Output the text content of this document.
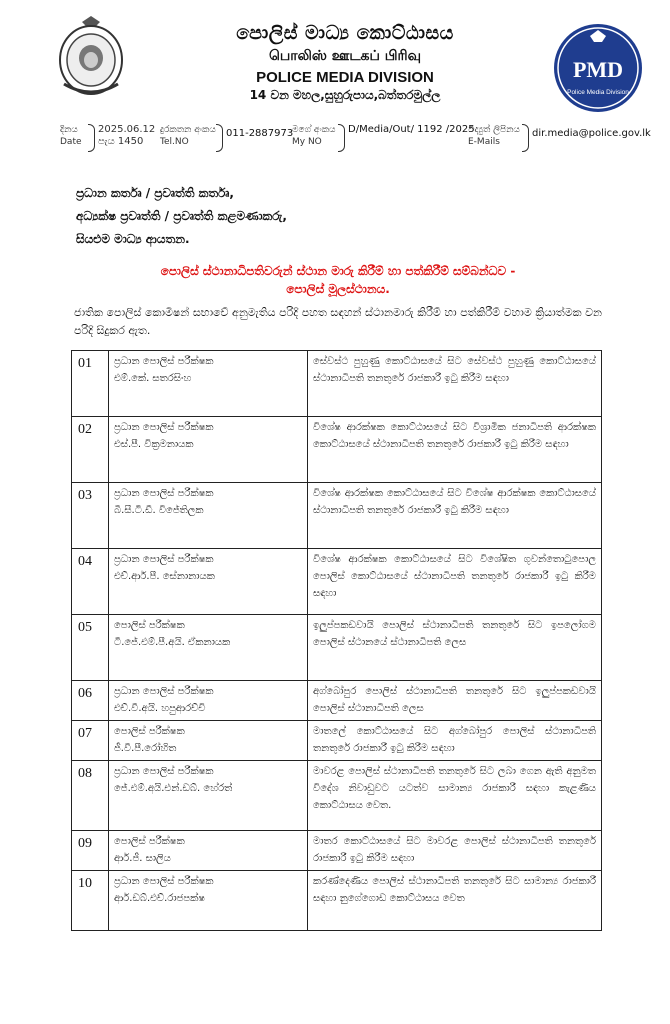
පොලිස් මාධ්‍ය කොට්ඨාසය
பொலிஸ் ஊடகப் பிரிவு
POLICE MEDIA DIVISION
14 වන මහල,සුහුරුපාය,බත්තරමුල්ල
PMD
Police Media Division
දිනය
Date
2025.06.12
පැය 1450
දුරකතන අංකය
Tel.NO
011-2887973
මගේ අංකය
My NO
D/Media/Out/ 1192 /2025
විද්‍යුත් ලිපිනය
E-Mails
dir.media@police.gov.lk
ප්‍රධාන කර්තෘ / ප්‍රවෘත්ති කර්තෘ,
අධ්‍යක්ෂ ප්‍රවෘත්ති / ප්‍රවෘත්ති කළමණාකරු,
සියළුම මාධ්‍ය ආයතන.
පොලිස් ස්ථානාධිපතිවරුන් ස්ථාන මාරු කිරීම් හා පත්කිරීම් සම්බන්ධව -
පොලිස් මූලස්ථානය.
ජාතික පොලිස් කොමිෂන් සභාවේ අනුමැතිය පරිදි පහත සඳහන් ස්ථානමාරු කිරීම් හා පත්කිරීම් වහාම ක්‍රියාත්මක වන පරිදි සිදුකර ඇත.
01	ප්‍රධාන පොලිස් පරීක්ෂක
එම්.කේ. සතරසිංහ	සේවස්ථ පුහුණු කොට්ඨාසයේ සිට සේවස්ථ පුහුණු කොට්ඨාසයේ ස්ථානාධිපති තනතුරේ රාජකාරී ඉටු කිරීම සඳහා
02	ප්‍රධාන පොලිස් පරීක්ෂක
එස්.පී. වික්‍රමනායක	විශේෂ ආරක්ෂක කොට්ඨාසයේ සිට විශ්‍රාමික ජනාධිපති ආරක්ෂක කොට්ඨාසයේ ස්ථානාධිපති තනතුරේ රාජකාරී ඉටු කිරීම සඳහා
03	ප්‍රධාන පොලිස් පරීක්ෂක
බී.සී.ටී.ඩී. විජේතිලක	විශේෂ ආරක්ෂක කොට්ඨාසයේ සිට විශේෂ ආරක්ෂක කොට්ඨාසයේ ස්ථානාධිපති තනතුරේ රාජකාරී ඉටු කිරීම සඳහා
04	ප්‍රධාන පොලිස් පරීක්ෂක
එච්.ආර්.පී. සේනානායක	විශේෂ ආරක්ෂක කොට්ඨාසයේ සිට විශේෂිත ගුවන්තොටුපොල පොලිස් කොට්ඨාසයේ ස්ථානාධිපති තනතුරේ රාජකාරී ඉටු කිරීම සඳහා
05	පොලිස් පරීක්ෂක
ටී.ජේ.එම්.පී.අයි. ඒකනායක	ඉලුප්පකඩවායි පොලිස් ස්ථානාධිපති තනතුරේ සිට ඉපලෝගම පොලිස් ස්ථානයේ ස්ථානාධිපති ලෙස
06	ප්‍රධාන පොලිස් පරීක්ෂක
එච්.වී.අයි. හපුආරච්චි	අග්බෝපුර පොලිස් ස්ථානාධිපති තනතුරේ සිට ඉලුප්පකඩවායි පොලිස් ස්ථානාධිපති ලෙස
07	පොලිස් පරීක්ෂක
ජී.වී.පී.රෝහිත	මාතලේ කොට්ඨාසයේ සිට අග්බෝපුර පොලිස් ස්ථානාධිපති තනතුරේ රාජකාරී ඉටු කිරීම සඳහා
08	ප්‍රධාන පොලිස් පරීක්ෂක
ජේ.එම්.අයි.එන්.ඩබ්. හේරත්	මාවරළ පොලිස් ස්ථානාධිපති තනතුරේ සිට ලබා ගෙන ඇති අනුමත විදේශ නිවාඩුවට යටත්ව සාමාන්‍ය රාජකාරී සඳහා කැළණිය කොට්ඨාසය වෙත.
09	පොලිස් පරීක්ෂක
ආර්.ජී. සාලිය	මාතර කොට්ඨාසයේ සිට මාවරළ පොලිස් ස්ථානාධිපති තනතුරේ රාජකාරී ඉටු කිරීම සඳහා
10	ප්‍රධාන පොලිස් පරීක්ෂක
ආර්.ඩබ්.එච්.රාජපක්ෂ	කරණ්දෙණිය පොලිස් ස්ථානාධිපති තනතුරේ සිට සාමාන්‍ය රාජකාරී සඳහා නුගේගොඩ කොට්ඨාසය වෙත
